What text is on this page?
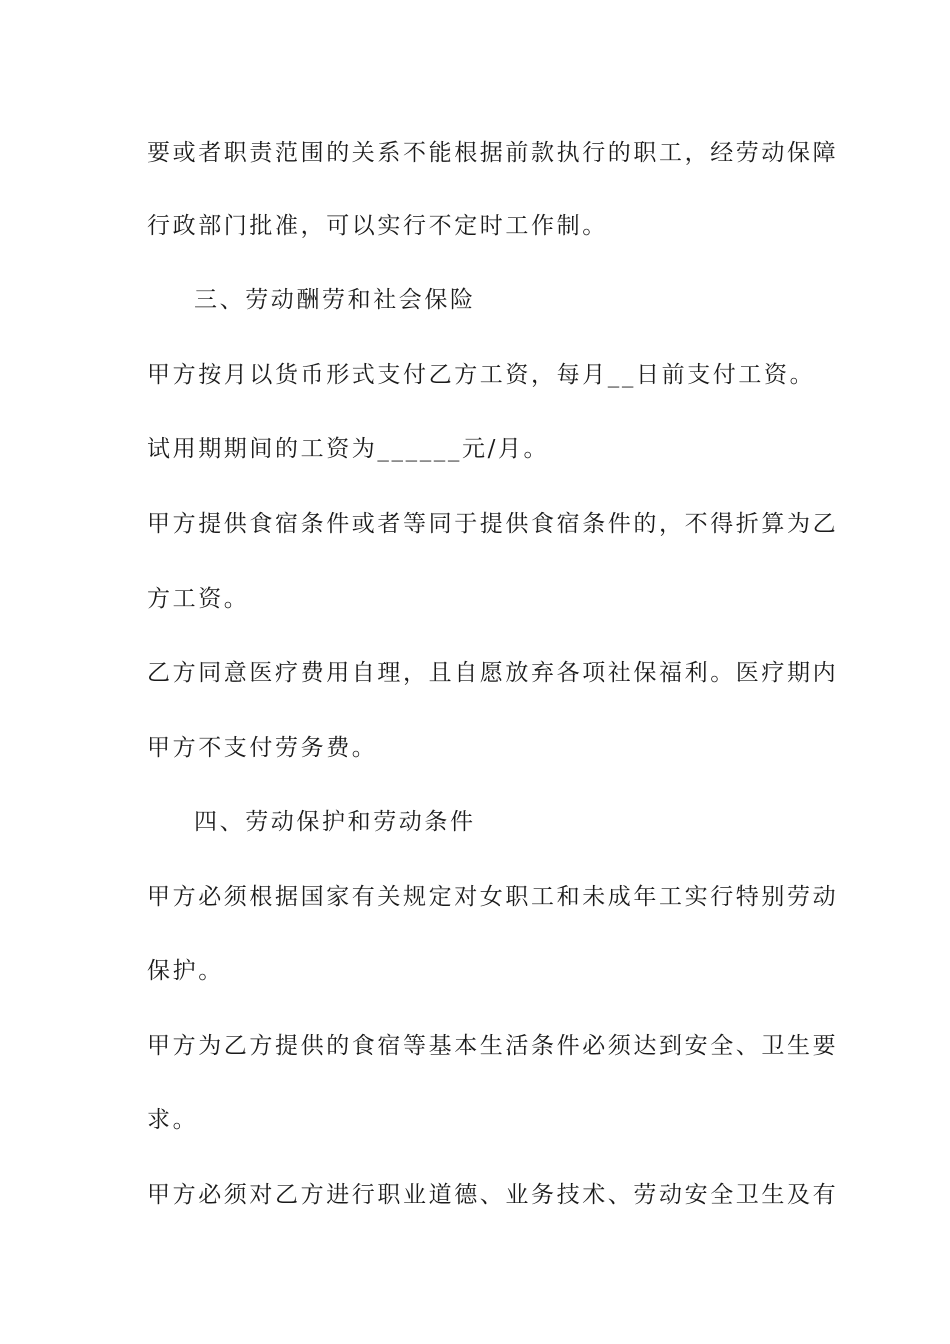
要或者职责范围的关系不能根据前款执行的职工，经劳动保障
行政部门批准，可以实行不定时工作制。
三、劳动酬劳和社会保险
甲方按月以货币形式支付乙方工资，每月__日前支付工资。
试用期期间的工资为______元/月。
甲方提供食宿条件或者等同于提供食宿条件的，不得折算为乙
方工资。
乙方同意医疗费用自理，且自愿放弃各项社保福利。医疗期内
甲方不支付劳务费。
四、劳动保护和劳动条件
甲方必须根据国家有关规定对女职工和未成年工实行特别劳动
保护。
甲方为乙方提供的食宿等基本生活条件必须达到安全、卫生要
求。
甲方必须对乙方进行职业道德、业务技术、劳动安全卫生及有
